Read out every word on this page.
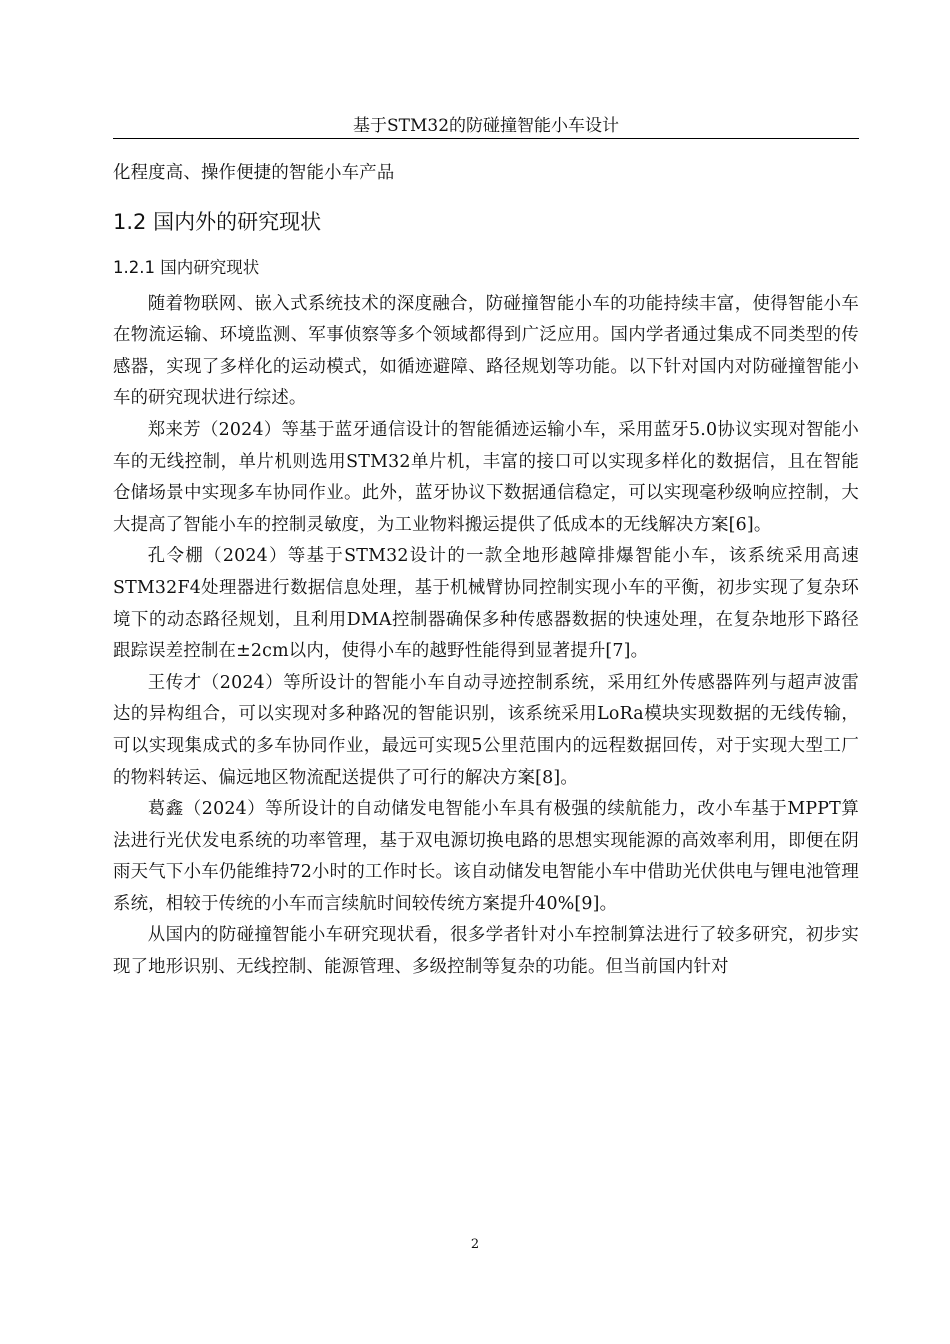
基于STM32的防碰撞智能小车设计

化程度高、操作便捷的智能小车产品

1.2 国内外的研究现状
1.2.1 国内研究现状

随着物联网、嵌入式系统技术的深度融合，防碰撞智能小车的功能持续丰富，使得智能小车在物流运输、环境监测、军事侦察等多个领域都得到广泛应用。国内学者通过集成不同类型的传感器，实现了多样化的运动模式，如循迹避障、路径规划等功能。以下针对国内对防碰撞智能小车的研究现状进行综述。

郑来芳（2024）等基于蓝牙通信设计的智能循迹运输小车，采用蓝牙5.0协议实现对智能小车的无线控制，单片机则选用STM32单片机，丰富的接口可以实现多样化的数据信，且在智能仓储场景中实现多车协同作业。此外，蓝牙协议下数据通信稳定，可以实现毫秒级响应控制，大大提高了智能小车的控制灵敏度，为工业物料搬运提供了低成本的无线解决方案[6]。

孔令棚（2024）等基于STM32设计的一款全地形越障排爆智能小车，该系统采用高速STM32F4处理器进行数据信息处理，基于机械臂协同控制实现小车的平衡，初步实现了复杂环境下的动态路径规划，且利用DMA控制器确保多种传感器数据的快速处理，在复杂地形下路径跟踪误差控制在±2cm以内，使得小车的越野性能得到显著提升[7]。

王传才（2024）等所设计的智能小车自动寻迹控制系统，采用红外传感器阵列与超声波雷达的异构组合，可以实现对多种路况的智能识别，该系统采用LoRa模块实现数据的无线传输，可以实现集成式的多车协同作业，最远可实现5公里范围内的远程数据回传，对于实现大型工厂的物料转运、偏远地区物流配送提供了可行的解决方案[8]。

葛鑫（2024）等所设计的自动储发电智能小车具有极强的续航能力，改小车基于MPPT算法进行光伏发电系统的功率管理，基于双电源切换电路的思想实现能源的高效率利用，即便在阴雨天气下小车仍能维持72小时的工作时长。该自动储发电智能小车中借助光伏供电与锂电池管理系统，相较于传统的小车而言续航时间较传统方案提升40%[9]。

从国内的防碰撞智能小车研究现状看，很多学者针对小车控制算法进行了较多研究，初步实现了地形识别、无线控制、能源管理、多级控制等复杂的功能。但当前国内针对

2
